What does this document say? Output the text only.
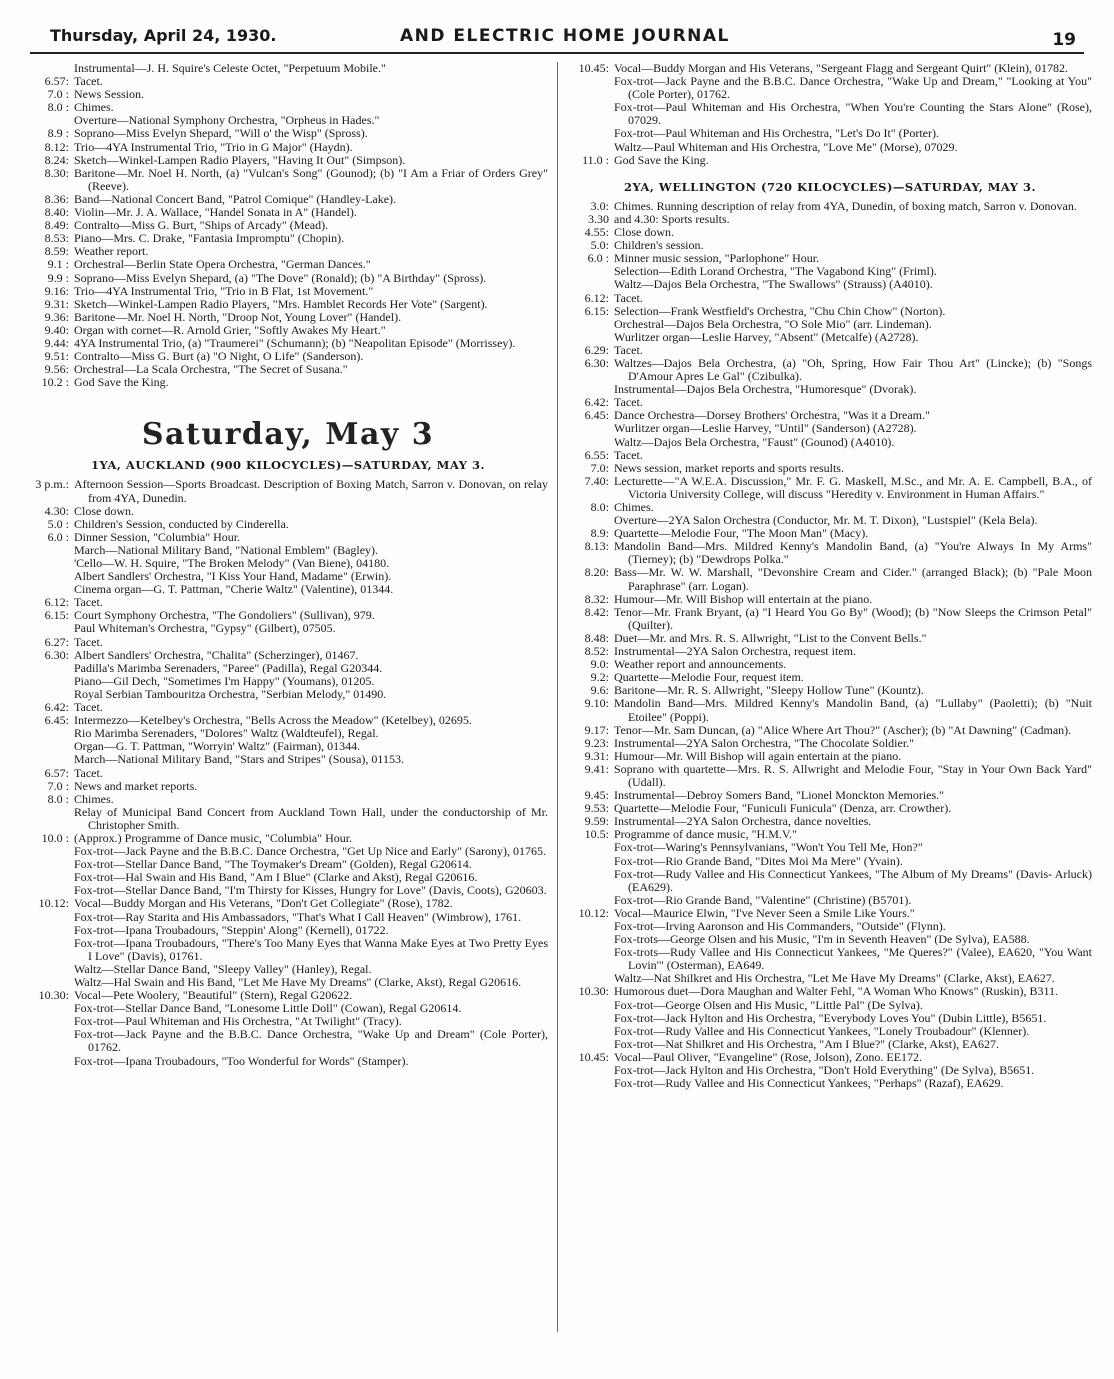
Thursday, April 24, 1930.	AND ELECTRIC HOME JOURNAL	19
Instrumental—J. H. Squire's Celeste Octet, "Perpetuum Mobile."
6.57: Tacet.
7.0 : News Session.
8.0 : Chimes.
Overture—National Symphony Orchestra, "Orpheus in Hades."
8.9 : Soprano—Miss Evelyn Shepard, "Will o' the Wisp" (Spross).
8.12: Trio—4YA Instrumental Trio, "Trio in G Major" (Haydn).
8.24: Sketch—Winkel-Lampen Radio Players, "Having It Out" (Simpson).
8.30: Baritone—Mr. Noel H. North, (a) "Vulcan's Song" (Gounod); (b) "I Am a Friar of Orders Grey" (Reeve).
8.36: Band—National Concert Band, "Patrol Comique" (Handley-Lake).
8.40: Violin—Mr. J. A. Wallace, "Handel Sonata in A" (Handel).
8.49: Contralto—Miss G. Burt, "Ships of Arcady" (Mead).
8.53: Piano—Mrs. C. Drake, "Fantasia Impromptu" (Chopin).
8.59: Weather report.
9.1 : Orchestral—Berlin State Opera Orchestra, "German Dances."
9.9 : Soprano—Miss Evelyn Shepard, (a) "The Dove" (Ronald); (b) "A Birthday" (Spross).
9.16: Trio—4YA Instrumental Trio, "Trio in B Flat, 1st Movement."
9.31: Sketch—Winkel-Lampen Radio Players, "Mrs. Hamblet Records Her Vote" (Sargent).
9.36: Baritone—Mr. Noel H. North, "Droop Not, Young Lover" (Handel).
9.40: Organ with cornet—R. Arnold Grier, "Softly Awakes My Heart."
9.44: 4YA Instrumental Trio, (a) "Traumerei" (Schumann); (b) "Neapolitan Episode" (Morrissey).
9.51: Contralto—Miss G. Burt (a) "O Night, O Life" (Sanderson).
9.56: Orchestral—La Scala Orchestra, "The Secret of Susana."
10.2 : God Save the King.
Saturday, May 3
1YA, AUCKLAND (900 KILOCYCLES)—SATURDAY, MAY 3.
3 p.m.: Afternoon Session—Sports Broadcast. Description of Boxing Match, Sarron v. Donovan, on relay from 4YA, Dunedin.
4.30: Close down.
5.0 : Children's Session, conducted by Cinderella.
6.0 : Dinner Session, "Columbia" Hour.
March—National Military Band, "National Emblem" (Bagley).
'Cello—W. H. Squire, "The Broken Melody" (Van Biene), 04180.
Albert Sandlers' Orchestra, "I Kiss Your Hand, Madame" (Erwin).
Cinema organ—G. T. Pattman, "Cherie Waltz" (Valentine), 01344.
6.12: Tacet.
6.15: Court Symphony Orchestra, "The Gondoliers" (Sullivan), 979.
Paul Whiteman's Orchestra, "Gypsy" (Gilbert), 07505.
6.27: Tacet.
6.30: Albert Sandlers' Orchestra, "Chalita" (Scherzinger), 01467.
Padilla's Marimba Serenaders, "Paree" (Padilla), Regal G20344.
Piano—Gil Dech, "Sometimes I'm Happy" (Youmans), 01205.
Royal Serbian Tambouritza Orchestra, "Serbian Melody," 01490.
6.42: Tacet.
6.45: Intermezzo—Ketelbey's Orchestra, "Bells Across the Meadow" (Ketelbey), 02695.
Rio Marimba Serenaders, "Dolores" Waltz (Waldteufel), Regal.
Organ—G. T. Pattman, "Worryin' Waltz" (Fairman), 01344.
March—National Military Band, "Stars and Stripes" (Sousa), 01153.
6.57: Tacet.
7.0 : News and market reports.
8.0 : Chimes.
Relay of Municipal Band Concert from Auckland Town Hall, under the conductorship of Mr. Christopher Smith.
10.0 : (Approx.) Programme of Dance music, "Columbia" Hour.
Fox-trot—Jack Payne and the B.B.C. Dance Orchestra, "Get Up Nice and Early" (Sarony), 01765.
Fox-trot—Stellar Dance Band, "The Toymaker's Dream" (Golden), Regal G20614.
Fox-trot—Hal Swain and His Band, "Am I Blue" (Clarke and Akst), Regal G20616.
Fox-trot—Stellar Dance Band, "I'm Thirsty for Kisses, Hungry for Love" (Davis, Coots), G20603.
10.12: Vocal—Buddy Morgan and His Veterans, "Don't Get Collegiate" (Rose), 1782.
Fox-trot—Ray Starita and His Ambassadors, "That's What I Call Heaven" (Wimbrow), 1761.
Fox-trot—Ipana Troubadours, "Steppin' Along" (Kernell), 01722.
Fox-trot—Ipana Troubadours, "There's Too Many Eyes that Wanna Make Eyes at Two Pretty Eyes I Love" (Davis), 01761.
Waltz—Stellar Dance Band, "Sleepy Valley" (Hanley), Regal.
Waltz—Hal Swain and His Band, "Let Me Have My Dreams" (Clarke, Akst), Regal G20616.
10.30: Vocal—Pete Woolery, "Beautiful" (Stern), Regal G20622.
Fox-trot—Stellar Dance Band, "Lonesome Little Doll" (Cowan), Regal G20614.
Fox-trot—Paul Whiteman and His Orchestra, "At Twilight" (Tracy).
Fox-trot—Jack Payne and the B.B.C. Dance Orchestra, "Wake Up and Dream" (Cole Porter), 01762.
Fox-trot—Ipana Troubadours, "Too Wonderful for Words" (Stamper).
10.45: Vocal—Buddy Morgan and His Veterans, "Sergeant Flagg and Sergeant Quirt" (Klein), 01782.
Fox-trot—Jack Payne and the B.B.C. Dance Orchestra, "Wake Up and Dream," "Looking at You" (Cole Porter), 01762.
Fox-trot—Paul Whiteman and His Orchestra, "When You're Counting the Stars Alone" (Rose), 07029.
Fox-trot—Paul Whiteman and His Orchestra, "Let's Do It" (Porter).
Waltz—Paul Whiteman and His Orchestra, "Love Me" (Morse), 07029.
11.0 : God Save the King.
2YA, WELLINGTON (720 KILOCYCLES)—SATURDAY, MAY 3.
3.0: Chimes. Running description of relay from 4YA, Dunedin, of boxing match, Sarron v. Donovan.
3.30 and 4.30: Sports results.
4.55: Close down.
5.0: Children's session.
6.0 : Minner music session, "Parlophone" Hour.
Selection—Edith Lorand Orchestra, "The Vagabond King" (Friml).
Waltz—Dajos Bela Orchestra, "The Swallows" (Strauss) (A4010).
6.12: Tacet.
6.15: Selection—Frank Westfield's Orchestra, "Chu Chin Chow" (Norton).
Orchestral—Dajos Bela Orchestra, "O Sole Mio" (arr. Lindeman).
Wurlitzer organ—Leslie Harvey, "Absent" (Metcalfe) (A2728).
6.29: Tacet.
6.30: Waltzes—Dajos Bela Orchestra, (a) "Oh, Spring, How Fair Thou Art" (Lincke); (b) "Songs D'Amour Apres Le Gal" (Czibulka).
Instrumental—Dajos Bela Orchestra, "Humoresque" (Dvorak).
6.42: Tacet.
6.45: Dance Orchestra—Dorsey Brothers' Orchestra, "Was it a Dream."
Wurlitzer organ—Leslie Harvey, "Until" (Sanderson) (A2728).
Waltz—Dajos Bela Orchestra, "Faust" (Gounod) (A4010).
6.55: Tacet.
7.0: News session, market reports and sports results.
7.40: Lecturette—"A W.E.A. Discussion," Mr. F. G. Maskell, M.Sc., and Mr. A. E. Campbell, B.A., of Victoria University College, will discuss "Heredity v. Environment in Human Affairs."
8.0: Chimes.
Overture—2YA Salon Orchestra (Conductor, Mr. M. T. Dixon), "Lustspiel" (Kela Bela).
8.9: Quartette—Melodie Four, "The Moon Man" (Macy).
8.13: Mandolin Band—Mrs. Mildred Kenny's Mandolin Band, (a) "You're Always In My Arms" (Tierney); (b) "Dewdrops Polka."
8.20: Bass—Mr. W. W. Marshall, "Devonshire Cream and Cider." (arranged Black); (b) "Pale Moon Paraphrase" (arr. Logan).
8.32: Humour—Mr. Will Bishop will entertain at the piano.
8.42: Tenor—Mr. Frank Bryant, (a) "I Heard You Go By" (Wood); (b) "Now Sleeps the Crimson Petal" (Quilter).
8.48: Duet—Mr. and Mrs. R. S. Allwright, "List to the Convent Bells."
8.52: Instrumental—2YA Salon Orchestra, request item.
9.0: Weather report and announcements.
9.2: Quartette—Melodie Four, request item.
9.6: Baritone—Mr. R. S. Allwright, "Sleepy Hollow Tune" (Kountz).
9.10: Mandolin Band—Mrs. Mildred Kenny's Mandolin Band, (a) "Lullaby" (Paoletti); (b) "Nuit Etoilee" (Poppi).
9.17: Tenor—Mr. Sam Duncan, (a) "Alice Where Art Thou?" (Ascher); (b) "At Dawning" (Cadman).
9.23: Instrumental—2YA Salon Orchestra, "The Chocolate Soldier."
9.31: Humour—Mr. Will Bishop will again entertain at the piano.
9.41: Soprano with quartette—Mrs. R. S. Allwright and Melodie Four, "Stay in Your Own Back Yard" (Udall).
9.45: Instrumental—Debroy Somers Band, "Lionel Monckton Memories."
9.53: Quartette—Melodie Four, "Funiculi Funicula" (Denza, arr. Crowther).
9.59: Instrumental—2YA Salon Orchestra, dance novelties.
10.5: Programme of dance music, "H.M.V."
Fox-trot—Waring's Pennsylvanians, "Won't You Tell Me, Hon?"
Fox-trot—Rio Grande Band, "Dites Moi Ma Mere" (Yvain).
Fox-trot—Rudy Vallee and His Connecticut Yankees, "The Album of My Dreams" (Davis- Arluck) (EA629).
Fox-trot—Rio Grande Band, "Valentine" (Christine) (B5701).
10.12: Vocal—Maurice Elwin, "I've Never Seen a Smile Like Yours."
Fox-trot—Irving Aaronson and His Commanders, "Outside" (Flynn).
Fox-trots—George Olsen and his Music, "I'm in Seventh Heaven" (De Sylva), EA588.
Fox-trots—Rudy Vallee and His Connecticut Yankees, "Me Queres?" (Valee), EA620, "You Want Lovin'" (Osterman), EA649.
Waltz—Nat Shilkret and His Orchestra, "Let Me Have My Dreams" (Clarke, Akst), EA627.
10.30: Humorous duet—Dora Maughan and Walter Fehl, "A Woman Who Knows" (Ruskin), B311.
Fox-trot—George Olsen and His Music, "Little Pal" (De Sylva).
Fox-trot—Jack Hylton and His Orchestra, "Everybody Loves You" (Dubin Little), B5651.
Fox-trot—Rudy Vallee and His Connecticut Yankees, "Lonely Troubadour" (Klenner).
Fox-trot—Nat Shilkret and His Orchestra, "Am I Blue?" (Clarke, Akst), EA627.
10.45: Vocal—Paul Oliver, "Evangeline" (Rose, Jolson), Zono. EE172.
Fox-trot—Jack Hylton and His Orchestra, "Don't Hold Everything" (De Sylva), B5651.
Fox-trot—Rudy Vallee and His Connecticut Yankees, "Perhaps" (Razaf), EA629.
